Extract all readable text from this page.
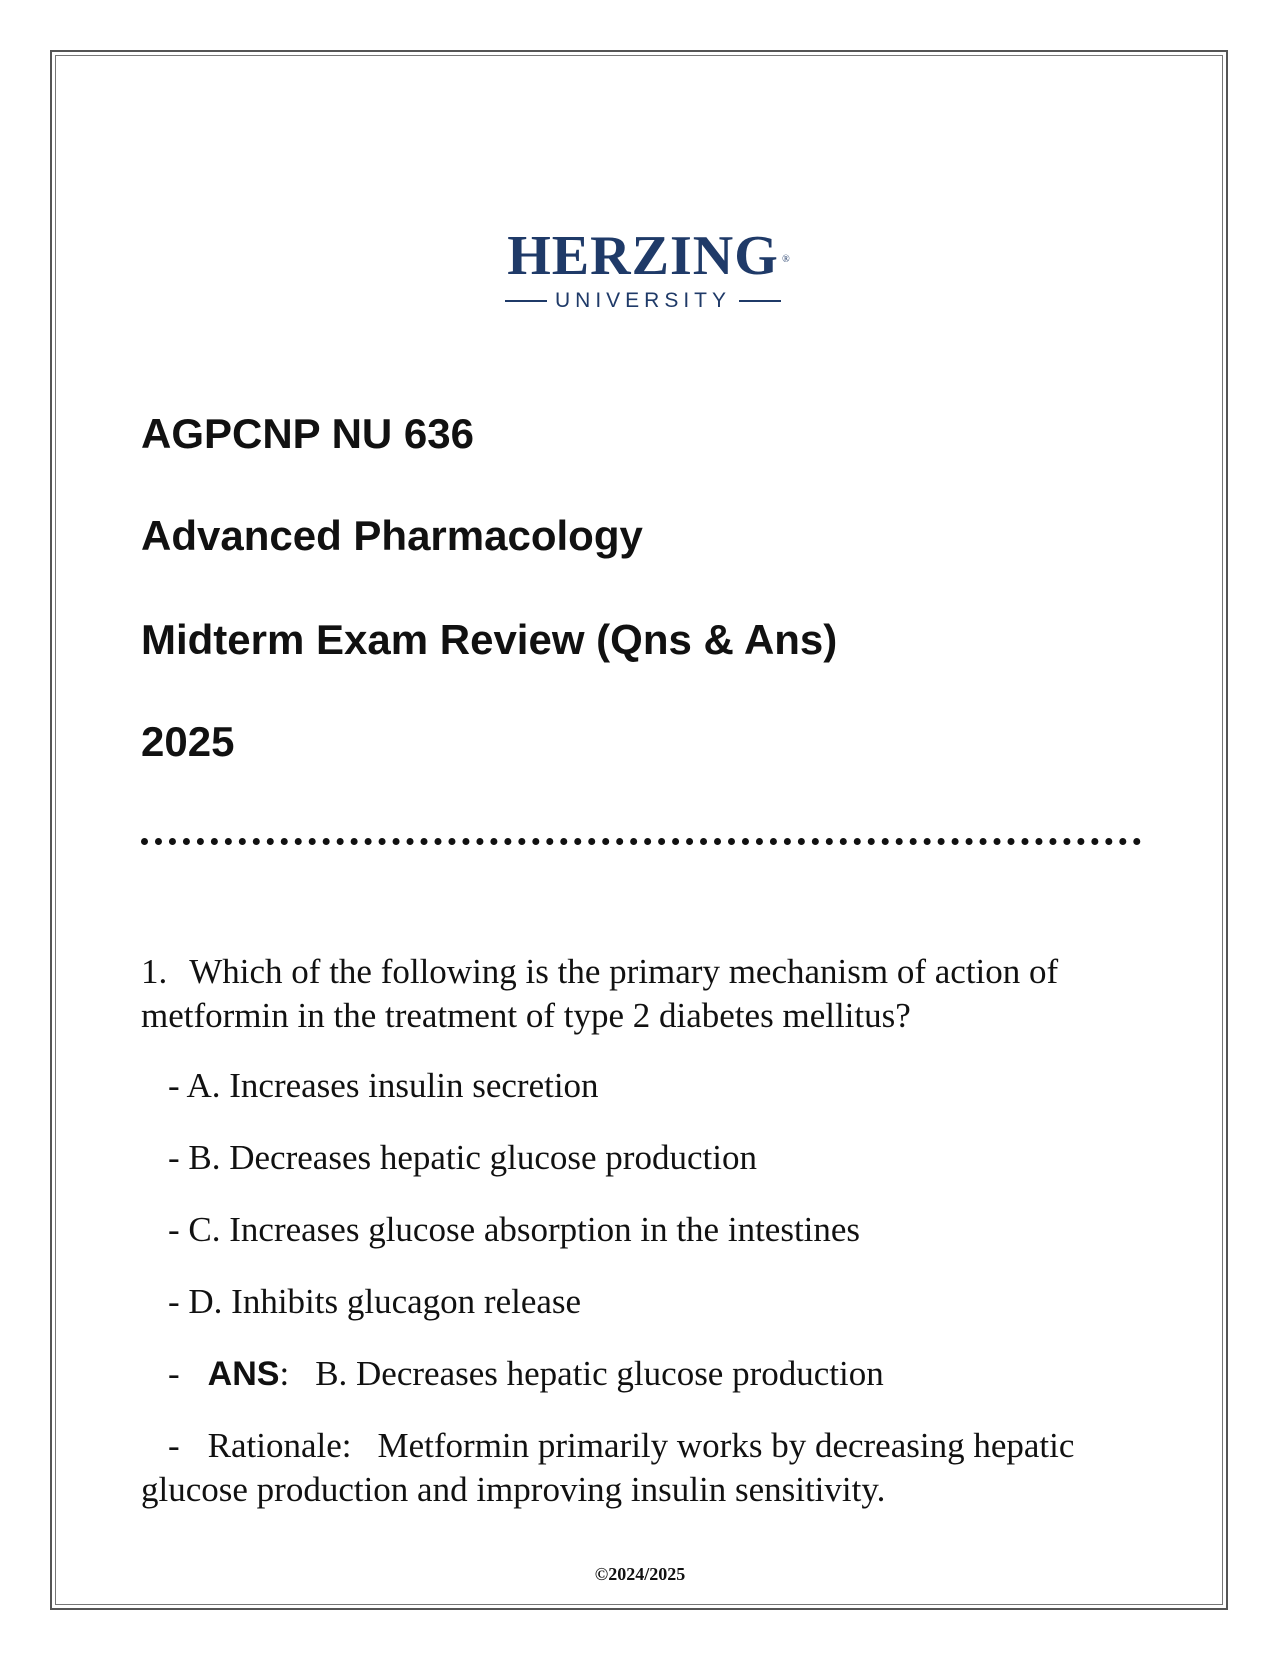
HERZING ®
UNIVERSITY
AGPCNP NU 636
Advanced Pharmacology
Midterm Exam Review (Qns & Ans)
2025
1. Which of the following is the primary mechanism of action of metformin in the treatment of type 2 diabetes mellitus?
- A. Increases insulin secretion
- B. Decreases hepatic glucose production
- C. Increases glucose absorption in the intestines
- D. Inhibits glucagon release
- ANS: B. Decreases hepatic glucose production
- Rationale: Metformin primarily works by decreasing hepatic glucose production and improving insulin sensitivity.
©2024/2025
